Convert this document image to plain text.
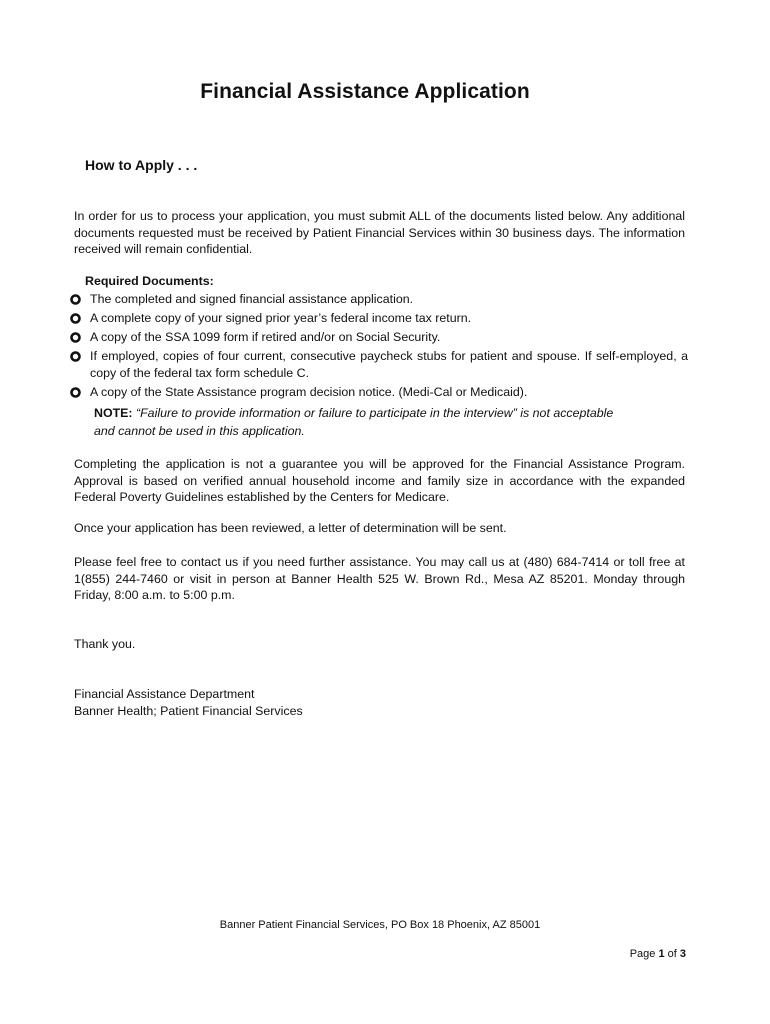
Financial Assistance Application
How to Apply . . .

In order for us to process your application, you must submit ALL of the documents listed below. Any additional documents requested must be received by Patient Financial Services within 30 business days. The information received will remain confidential.

Required Documents:
The completed and signed financial assistance application.
A complete copy of your signed prior year’s federal income tax return.
A copy of the SSA 1099 form if retired and/or on Social Security.
If employed, copies of four current, consecutive paycheck stubs for patient and spouse. If self-employed, a copy of the federal tax form schedule C.
A copy of the State Assistance program decision notice. (Medi-Cal or Medicaid).
NOTE: “Failure to provide information or failure to participate in the interview” is not acceptable and cannot be used in this application.

Completing the application is not a guarantee you will be approved for the Financial Assistance Program. Approval is based on verified annual household income and family size in accordance with the expanded Federal Poverty Guidelines established by the Centers for Medicare.

Once your application has been reviewed, a letter of determination will be sent.

Please feel free to contact us if you need further assistance. You may call us at (480) 684-7414 or toll free at 1(855) 244-7460 or visit in person at Banner Health 525 W. Brown Rd., Mesa AZ 85201. Monday through Friday, 8:00 a.m. to 5:00 p.m.

Thank you.

Financial Assistance Department
Banner Health; Patient Financial Services
Banner Patient Financial Services, PO Box 18 Phoenix, AZ 85001
Page 1 of 3
